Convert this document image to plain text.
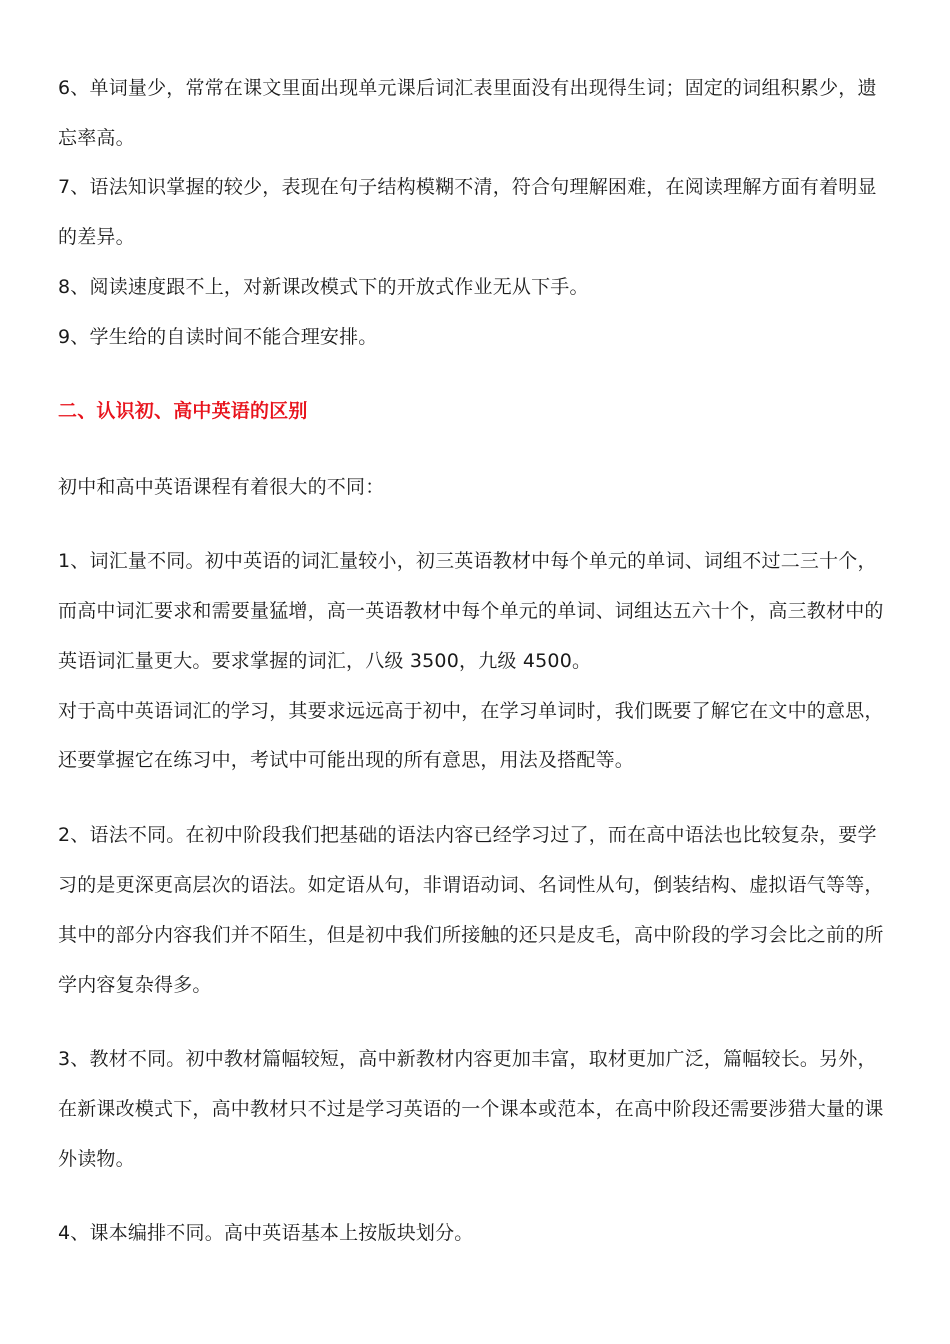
6、单词量少，常常在课文里面出现单元课后词汇表里面没有出现得生词；固定的词组积累少，遗
忘率高。
7、语法知识掌握的较少，表现在句子结构模糊不清，符合句理解困难，在阅读理解方面有着明显
的差异。
8、阅读速度跟不上，对新课改模式下的开放式作业无从下手。
9、学生给的自读时间不能合理安排。
二、认识初、高中英语的区别
初中和高中英语课程有着很大的不同：
1、词汇量不同。初中英语的词汇量较小，初三英语教材中每个单元的单词、词组不过二三十个，
而高中词汇要求和需要量猛增，高一英语教材中每个单元的单词、词组达五六十个，高三教材中的
英语词汇量更大。要求掌握的词汇，八级 3500，九级 4500。
对于高中英语词汇的学习，其要求远远高于初中，在学习单词时，我们既要了解它在文中的意思，
还要掌握它在练习中，考试中可能出现的所有意思，用法及搭配等。
2、语法不同。在初中阶段我们把基础的语法内容已经学习过了，而在高中语法也比较复杂，要学
习的是更深更高层次的语法。如定语从句，非谓语动词、名词性从句，倒装结构、虚拟语气等等，
其中的部分内容我们并不陌生，但是初中我们所接触的还只是皮毛，高中阶段的学习会比之前的所
学内容复杂得多。
3、教材不同。初中教材篇幅较短，高中新教材内容更加丰富，取材更加广泛，篇幅较长。另外，
在新课改模式下，高中教材只不过是学习英语的一个课本或范本，在高中阶段还需要涉猎大量的课
外读物。
4、课本编排不同。高中英语基本上按版块划分。
